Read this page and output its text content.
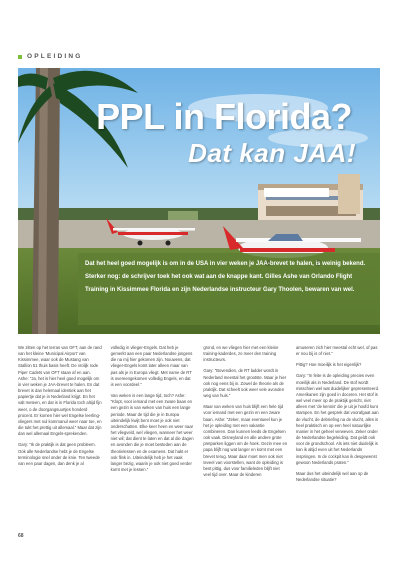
OPLEIDING
PPL in Florida?
Dat kan JAA!
Dat het heel goed mogelijk is om in de USA in vier weken je JAA-brevet te halen, is weinig bekend. Sterker nog: de schrijver toek het ook wat aan de knappe kant. Gilles Ashe van Orlando Flight Training in Kissimmee Florida en zijn Nederlandse instructeur Gary Thoolen, bewaren van wel.

We zitten op het terras van OFT, aan de rand van het kleine 'Municipal Airport' van Kissimmee, waar ook de Mustang van Stallion 51 thuis basis heeft. De vrolijk rode Piper Cadets van OFT staan af en aan. Ashe: "Ja, het is hier heel goed mogelijk om in vier weken je JAA-brevet te halen. En dat brevet is dan helemaal identiek aan het papiertje dat je in Nederland krijgt. En het valt meteen, en dat is in Florida toch altijd fijn weer, o de doorgangsuurtjes honderd procent. Er komen hier wel Engelse leerling-vliegers met nul kommanul weer naar toe, en die tukt het prettig uit allemaal." Maar dat zijn dan wel allemaal Engels-sprekenden.

Gary: "Ik de praktijk is dat geen probleem. Ook alle Nederlandse hebt je de Engelse terminologie snel onder de knie. Ten tweede van een paar dagen, dan denk je al

volledig in vlieger-Engels. Dat heb je gemerkt aan een paar Nederlandse jongens die na mij hier gekomen zijn. Nouwens, dat vlieger-Engels komt later alleen maar van pas als je in Europa vliegt. Met name de RT is overeengekomen volledig Engels, en dat is een voordeel."

Van weken is een lange tijd, toch? Ashe: "Klopt, voor iemand met een zware baan en een gezin is van weken van huis een lange periode. Maar de tijd die je in Europa uiteindelijk kwijt bent moet je ook niet onderschatten. Elke keer heen en weer naar het vliegveld, wel vliegen, wanneer het weer niet wil; dat dient te laten en dat al die dagen en avonden die je moet besteden aan de theorielessen en de examens. Dat hakt er ook flink in. Uiteindelijk heb je het vaak langer bezig, waarin je ook niet goed verder komt met je lessen."

grond, en we vliegen hier met een kleine training-kaderdes, zo meer den training instructeurs.

Gary: "Bovendien, de RT ladder wordt in Nederland meestal het grootste. Maar je hier ook nog eens bij in. Zowel de theorie als de praktijk. Dat scheelt ook weer vele avonden weg van huis."

Maar van weken van huis blijft een hele tijd voor iemand met een gezin en een zware baan. Ashe: "Zeker, maar eventueel kun je het je opleiding met een vakantie combineren. Dan kunnen leeds de Engelsen ook vaak. Disneyland en alle andere grote pretparken liggen om de hoek. Gezin mee en papa blijft nog wat langer en komt met een brevet terug. Maar daar moet men ook niet teveel van voorstellen, want de opleiding is best pittig, dus voor familieleden blijft niet veel tijd over. Maar de kinderen

amuseren zich hier meestal echt wel, of pas er nou bij is of niet."

Pittig? Hoe moeilijk is het eigenlijk?

Gary: "In feite is de opleiding precies even moeilijk als in Nederland. De stof wordt misschien wel wat duidelijker gepresenteerd. Amerikanen zijn goed in doceren. Het stof is wel veel meer op de praktijk gericht, niet alleen met 'de kennis' die je uit je hoofd kunt stampen. En het gesprek dat voorafgaat aan de vlucht, de debriefing na de vlucht, alles is heel praktisch en op een heel natuurlijke manier in het geheel verweven. Zeker onder de Nederlandse begeleiding. Dat geldt ook voor de grondschool. Als iets niet duidelijk is kan ik altijd even uit het Nederlands inspringen. In de cockpit kan ik desgewenst gewoon Nederlands praten."

Maar dus het uiteindelijk wel aan op de Nederlandse situatie?

68
